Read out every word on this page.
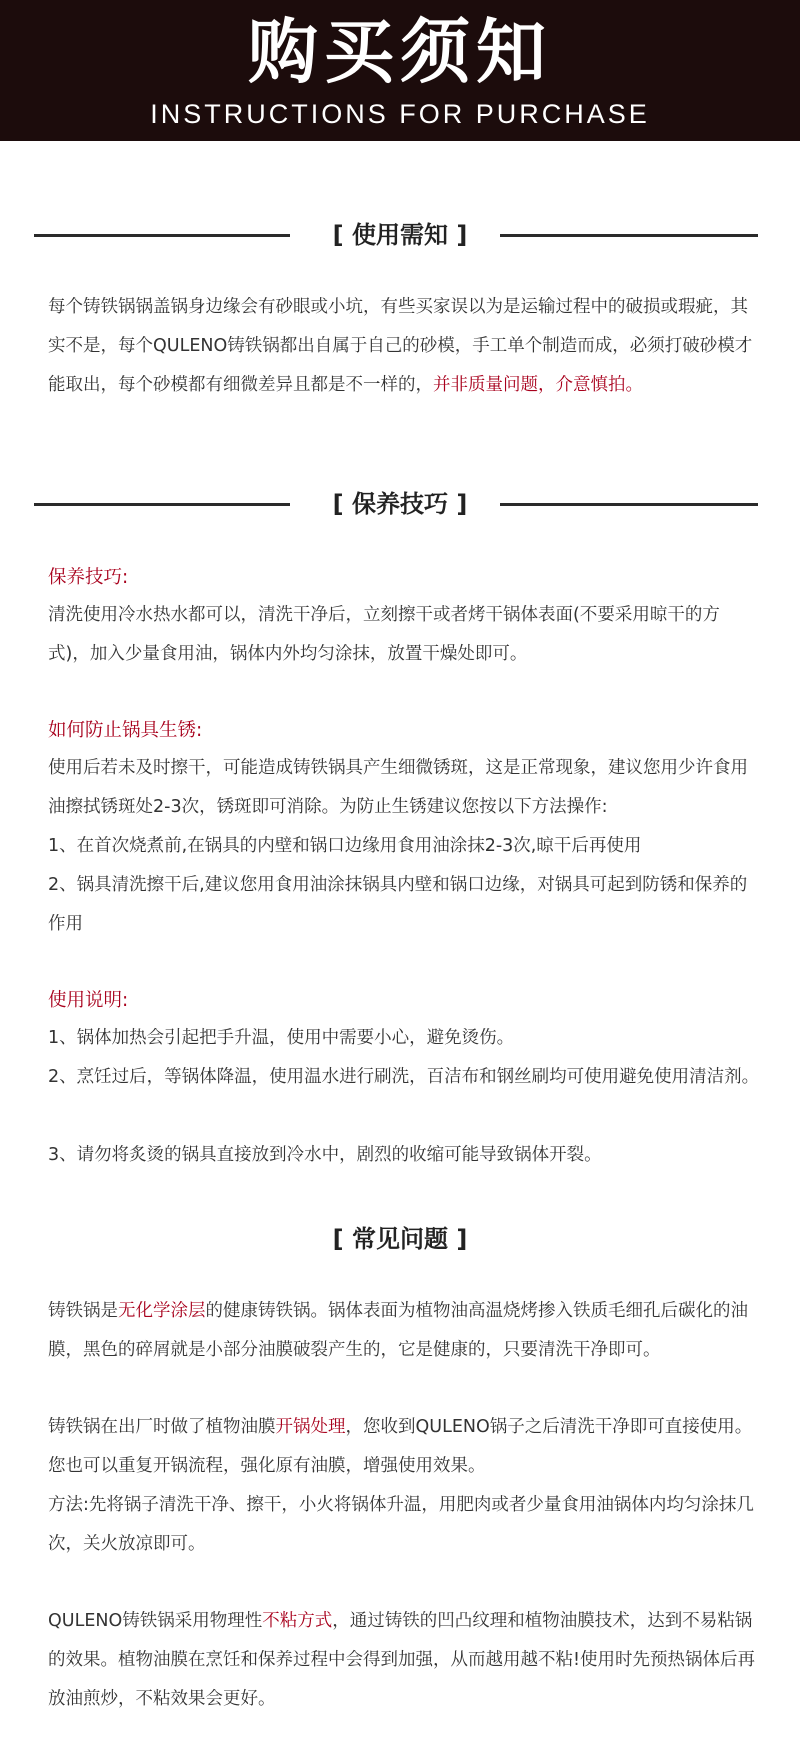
购买须知
INSTRUCTIONS FOR PURCHASE
[ 使用需知 ]
每个铸铁锅锅盖锅身边缘会有砂眼或小坑，有些买家误以为是运输过程中的破损或瑕疵，其实不是，每个QULENO铸铁锅都出自属于自己的砂模，手工单个制造而成，必须打破砂模才能取出，每个砂模都有细微差异且都是不一样的，并非质量问题，介意慎拍。
[ 保养技巧 ]
保养技巧:
清洗使用冷水热水都可以，清洗干净后，立刻擦干或者烤干锅体表面(不要采用晾干的方式)，加入少量食用油，锅体内外均匀涂抹，放置干燥处即可。
如何防止锅具生锈:
使用后若未及时擦干，可能造成铸铁锅具产生细微锈斑，这是正常现象，建议您用少许食用油擦拭锈斑处2-3次，锈斑即可消除。为防止生锈建议您按以下方法操作:
1、在首次烧煮前,在锅具的内壁和锅口边缘用食用油涂抹2-3次,晾干后再使用
2、锅具清洗擦干后,建议您用食用油涂抹锅具内壁和锅口边缘，对锅具可起到防锈和保养的作用
使用说明:
1、锅体加热会引起把手升温，使用中需要小心，避免烫伤。
2、烹饪过后，等锅体降温，使用温水进行刷洗，百洁布和钢丝刷均可使用避免使用清洁剂。
3、请勿将炙烫的锅具直接放到冷水中，剧烈的收缩可能导致锅体开裂。
[ 常见问题 ]
铸铁锅是无化学涂层的健康铸铁锅。锅体表面为植物油高温烧烤掺入铁质毛细孔后碳化的油膜，黑色的碎屑就是小部分油膜破裂产生的，它是健康的，只要清洗干净即可。
铸铁锅在出厂时做了植物油膜开锅处理，您收到QULENO锅子之后清洗干净即可直接使用。您也可以重复开锅流程，强化原有油膜，增强使用效果。
方法:先将锅子清洗干净、擦干，小火将锅体升温，用肥肉或者少量食用油锅体内均匀涂抹几次，关火放凉即可。
QULENO铸铁锅采用物理性不粘方式，通过铸铁的凹凸纹理和植物油膜技术，达到不易粘锅的效果。植物油膜在烹饪和保养过程中会得到加强，从而越用越不粘!使用时先预热锅体后再放油煎炒，不粘效果会更好。
